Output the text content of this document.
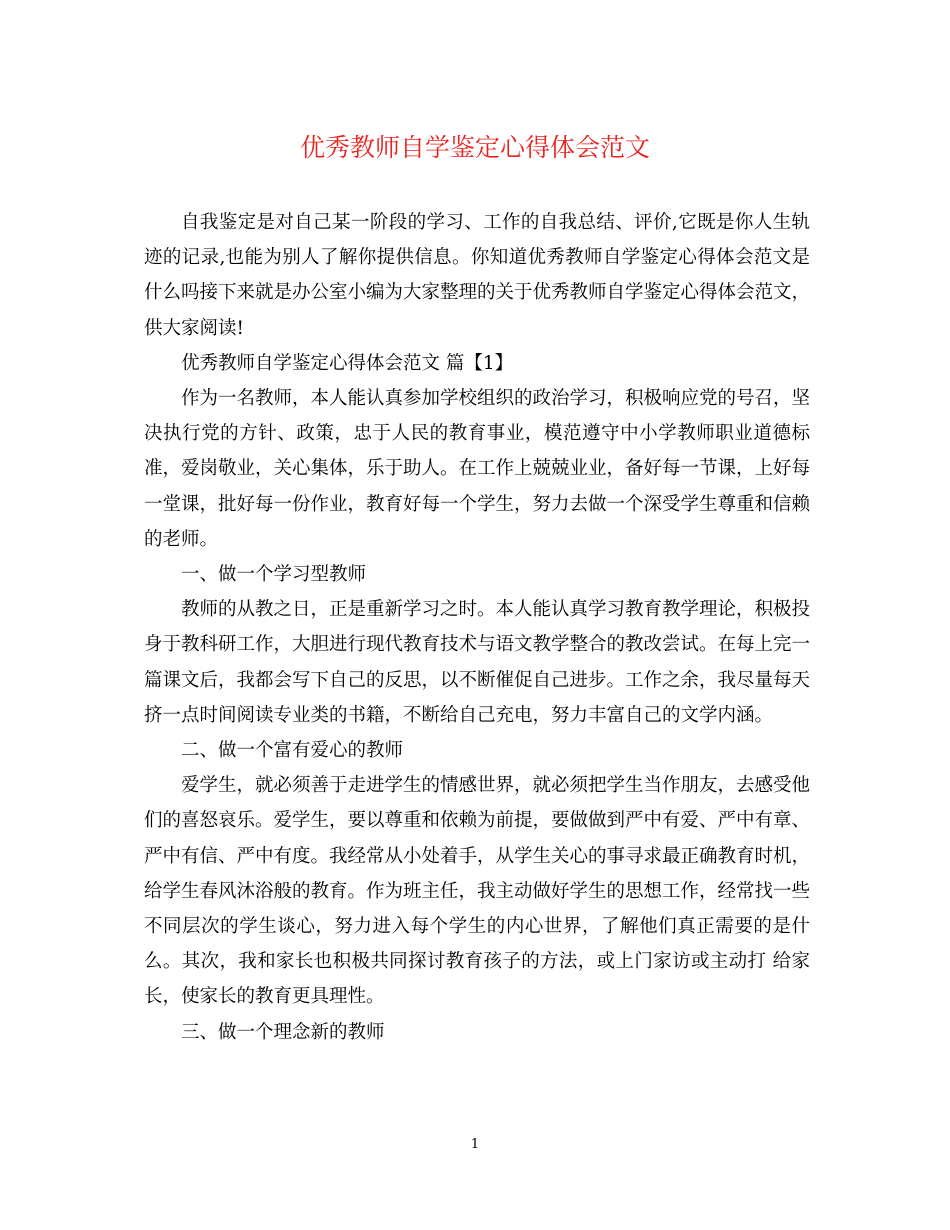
优秀教师自学鉴定心得体会范文

自我鉴定是对自己某一阶段的学习、工作的自我总结、评价,它既是你人生轨迹的记录,也能为别人了解你提供信息。你知道优秀教师自学鉴定心得体会范文是什么吗接下来就是办公室小编为大家整理的关于优秀教师自学鉴定心得体会范文，供大家阅读!

优秀教师自学鉴定心得体会范文 篇【1】

作为一名教师，本人能认真参加学校组织的政治学习，积极响应党的号召，坚决执行党的方针、政策，忠于人民的教育事业，模范遵守中小学教师职业道德标准，爱岗敬业，关心集体，乐于助人。在工作上兢兢业业，备好每一节课，上好每一堂课，批好每一份作业，教育好每一个学生，努力去做一个深受学生尊重和信赖的老师。

一、做一个学习型教师

教师的从教之日，正是重新学习之时。本人能认真学习教育教学理论，积极投身于教科研工作，大胆进行现代教育技术与语文教学整合的教改尝试。在每上完一篇课文后，我都会写下自己的反思，以不断催促自己进步。工作之余，我尽量每天挤一点时间阅读专业类的书籍，不断给自己充电，努力丰富自己的文学内涵。

二、做一个富有爱心的教师

爱学生，就必须善于走进学生的情感世界，就必须把学生当作朋友，去感受他们的喜怒哀乐。爱学生，要以尊重和依赖为前提，要做做到严中有爱、严中有章、严中有信、严中有度。我经常从小处着手，从学生关心的事寻求最正确教育时机，给学生春风沐浴般的教育。作为班主任，我主动做好学生的思想工作，经常找一些不同层次的学生谈心，努力进入每个学生的内心世界，了解他们真正需要的是什么。其次，我和家长也积极共同探讨教育孩子的方法，或上门家访或主动打 给家长，使家长的教育更具理性。

三、做一个理念新的教师

1
